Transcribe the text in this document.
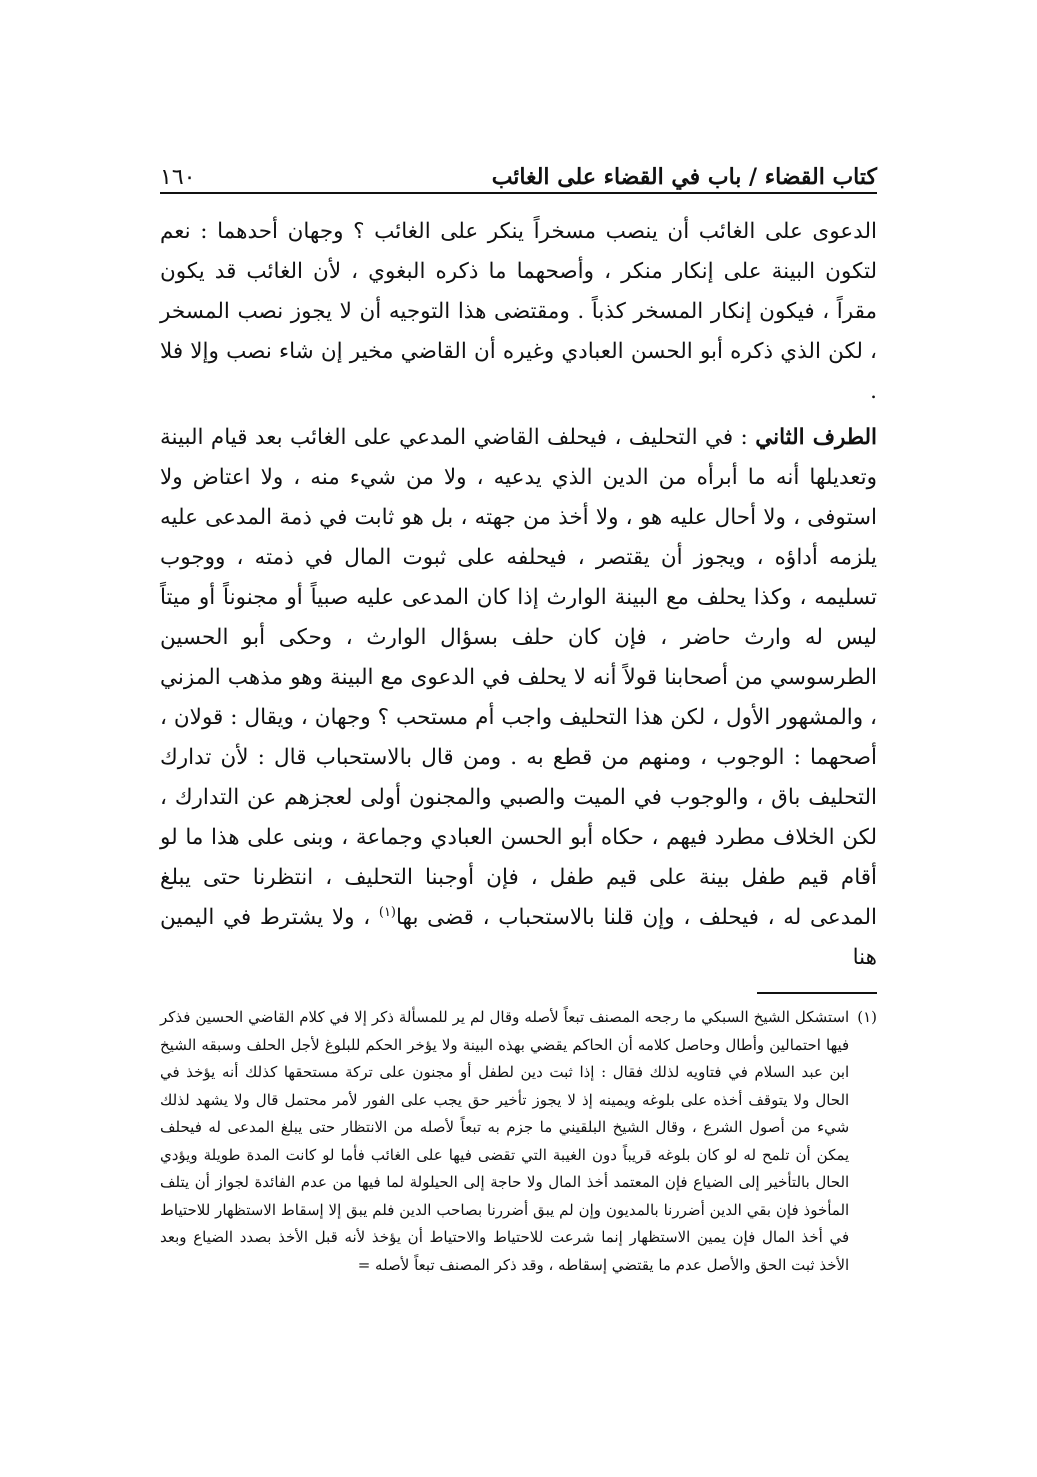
كتاب القضاء / باب في القضاء على الغائب
١٦٠

الدعوى على الغائب أن ينصب مسخراً ينكر على الغائب ؟ وجهان أحدهما : نعم لتكون البينة على إنكار منكر ، وأصحهما ما ذكره البغوي ، لأن الغائب قد يكون مقراً ، فيكون إنكار المسخر كذباً . ومقتضى هذا التوجيه أن لا يجوز نصب المسخر ، لكن الذي ذكره أبو الحسن العبادي وغيره أن القاضي مخير إن شاء نصب وإلا فلا .

الطرف الثاني : في التحليف ، فيحلف القاضي المدعي على الغائب بعد قيام البينة وتعديلها أنه ما أبرأه من الدين الذي يدعيه ، ولا من شيء منه ، ولا اعتاض ولا استوفى ، ولا أحال عليه هو ، ولا أخذ من جهته ، بل هو ثابت في ذمة المدعى عليه يلزمه أداؤه ، ويجوز أن يقتصر ، فيحلفه على ثبوت المال في ذمته ، ووجوب تسليمه ، وكذا يحلف مع البينة الوارث إذا كان المدعى عليه صبياً أو مجنوناً أو ميتاً ليس له وارث حاضر ، فإن كان حلف بسؤال الوارث ، وحكى أبو الحسين الطرسوسي من أصحابنا قولاً أنه لا يحلف في الدعوى مع البينة وهو مذهب المزني ، والمشهور الأول ، لكن هذا التحليف واجب أم مستحب ؟ وجهان ، ويقال : قولان ، أصحهما : الوجوب ، ومنهم من قطع به . ومن قال بالاستحباب قال : لأن تدارك التحليف باق ، والوجوب في الميت والصبي والمجنون أولى لعجزهم عن التدارك ، لكن الخلاف مطرد فيهم ، حكاه أبو الحسن العبادي وجماعة ، وبنى على هذا ما لو أقام قيم طفل بينة على قيم طفل ، فإن أوجبنا التحليف ، انتظرنا حتى يبلغ المدعى له ، فيحلف ، وإن قلنا بالاستحباب ، قضى بها$^{(١)}$ ، ولا يشترط في اليمين هنا

(١)
استشكل الشيخ السبكي ما رجحه المصنف تبعاً لأصله وقال لم ير للمسألة ذكر إلا في كلام القاضي الحسين فذكر فيها احتمالين وأطال وحاصل كلامه أن الحاكم يقضي بهذه البينة ولا يؤخر الحكم للبلوغ لأجل الحلف وسبقه الشيخ ابن عبد السلام في فتاويه لذلك فقال : إذا ثبت دين لطفل أو مجنون على تركة مستحقها كذلك أنه يؤخذ في الحال ولا يتوقف أخذه على بلوغه ويمينه إذ لا يجوز تأخير حق يجب على الفور لأمر محتمل قال ولا يشهد لذلك شيء من أصول الشرع ، وقال الشيخ البلقيني ما جزم به تبعاً لأصله من الانتظار حتى يبلغ المدعى له فيحلف يمكن أن تلمح له لو كان بلوغه قريباً دون الغيبة التي تقضى فيها على الغائب فأما لو كانت المدة طويلة ويؤدي الحال بالتأخير إلى الضياع فإن المعتمد أخذ المال ولا حاجة إلى الحيلولة لما فيها من عدم الفائدة لجواز أن يتلف المأخوذ فإن بقي الدين أضررنا بالمديون وإن لم يبق أضررنا بصاحب الدين فلم يبق إلا إسقاط الاستظهار للاحتياط في أخذ المال فإن يمين الاستظهار إنما شرعت للاحتياط والاحتياط أن يؤخذ لأنه قبل الأخذ بصدد الضياع وبعد الأخذ ثبت الحق والأصل عدم ما يقتضي إسقاطه ، وقد ذكر المصنف تبعاً لأصله =
